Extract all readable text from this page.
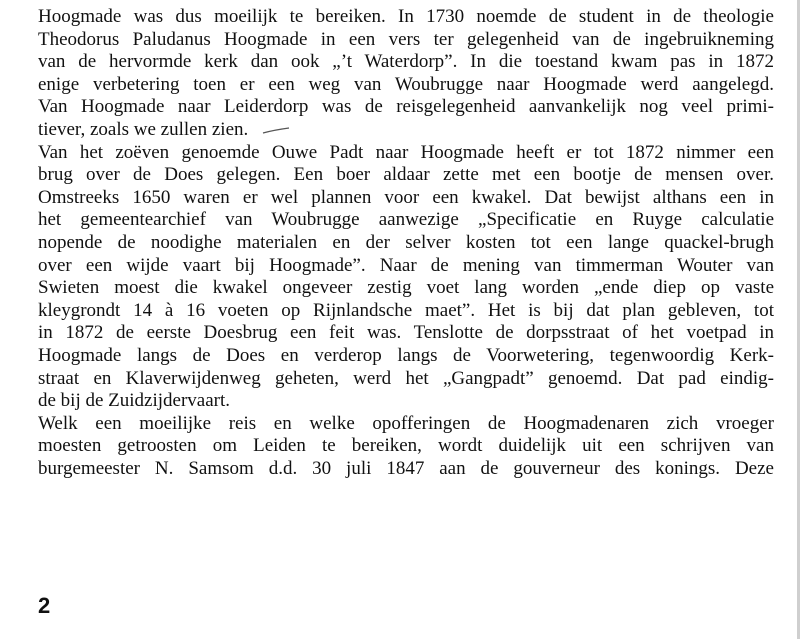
Hoogmade was dus moeilijk te bereiken. In 1730 noemde de student in de theologie
Theodorus Paludanus Hoogmade in een vers ter gelegenheid van de ingebruikneming
van de hervormde kerk dan ook „’t Waterdorp”. In die toestand kwam pas in 1872
enige verbetering toen er een weg van Woubrugge naar Hoogmade werd aangelegd.
Van Hoogmade naar Leiderdorp was de reisgelegenheid aanvankelijk nog veel primi-
tiever, zoals we zullen zien.
Van het zoëven genoemde Ouwe Padt naar Hoogmade heeft er tot 1872 nimmer een
brug over de Does gelegen. Een boer aldaar zette met een bootje de mensen over.
Omstreeks 1650 waren er wel plannen voor een kwakel. Dat bewijst althans een in
het gemeentearchief van Woubrugge aanwezige „Specificatie en Ruyge calculatie
nopende de noodighe materialen en der selver kosten tot een lange quackel-brugh
over een wijde vaart bij Hoogmade”. Naar de mening van timmerman Wouter van
Swieten moest die kwakel ongeveer zestig voet lang worden „ende diep op vaste
kleygrondt 14 à 16 voeten op Rijnlandsche maet”. Het is bij dat plan gebleven, tot
in 1872 de eerste Doesbrug een feit was. Tenslotte de dorpsstraat of het voetpad in
Hoogmade langs de Does en verderop langs de Voorwetering, tegenwoordig Kerk-
straat en Klaverwijdenweg geheten, werd het „Gangpadt” genoemd. Dat pad eindig-
de bij de Zuidzijdervaart.
Welk een moeilijke reis en welke opofferingen de Hoogmadenaren zich vroeger
moesten getroosten om Leiden te bereiken, wordt duidelijk uit een schrijven van
burgemeester N. Samsom d.d. 30 juli 1847 aan de gouverneur des konings. Deze
2
